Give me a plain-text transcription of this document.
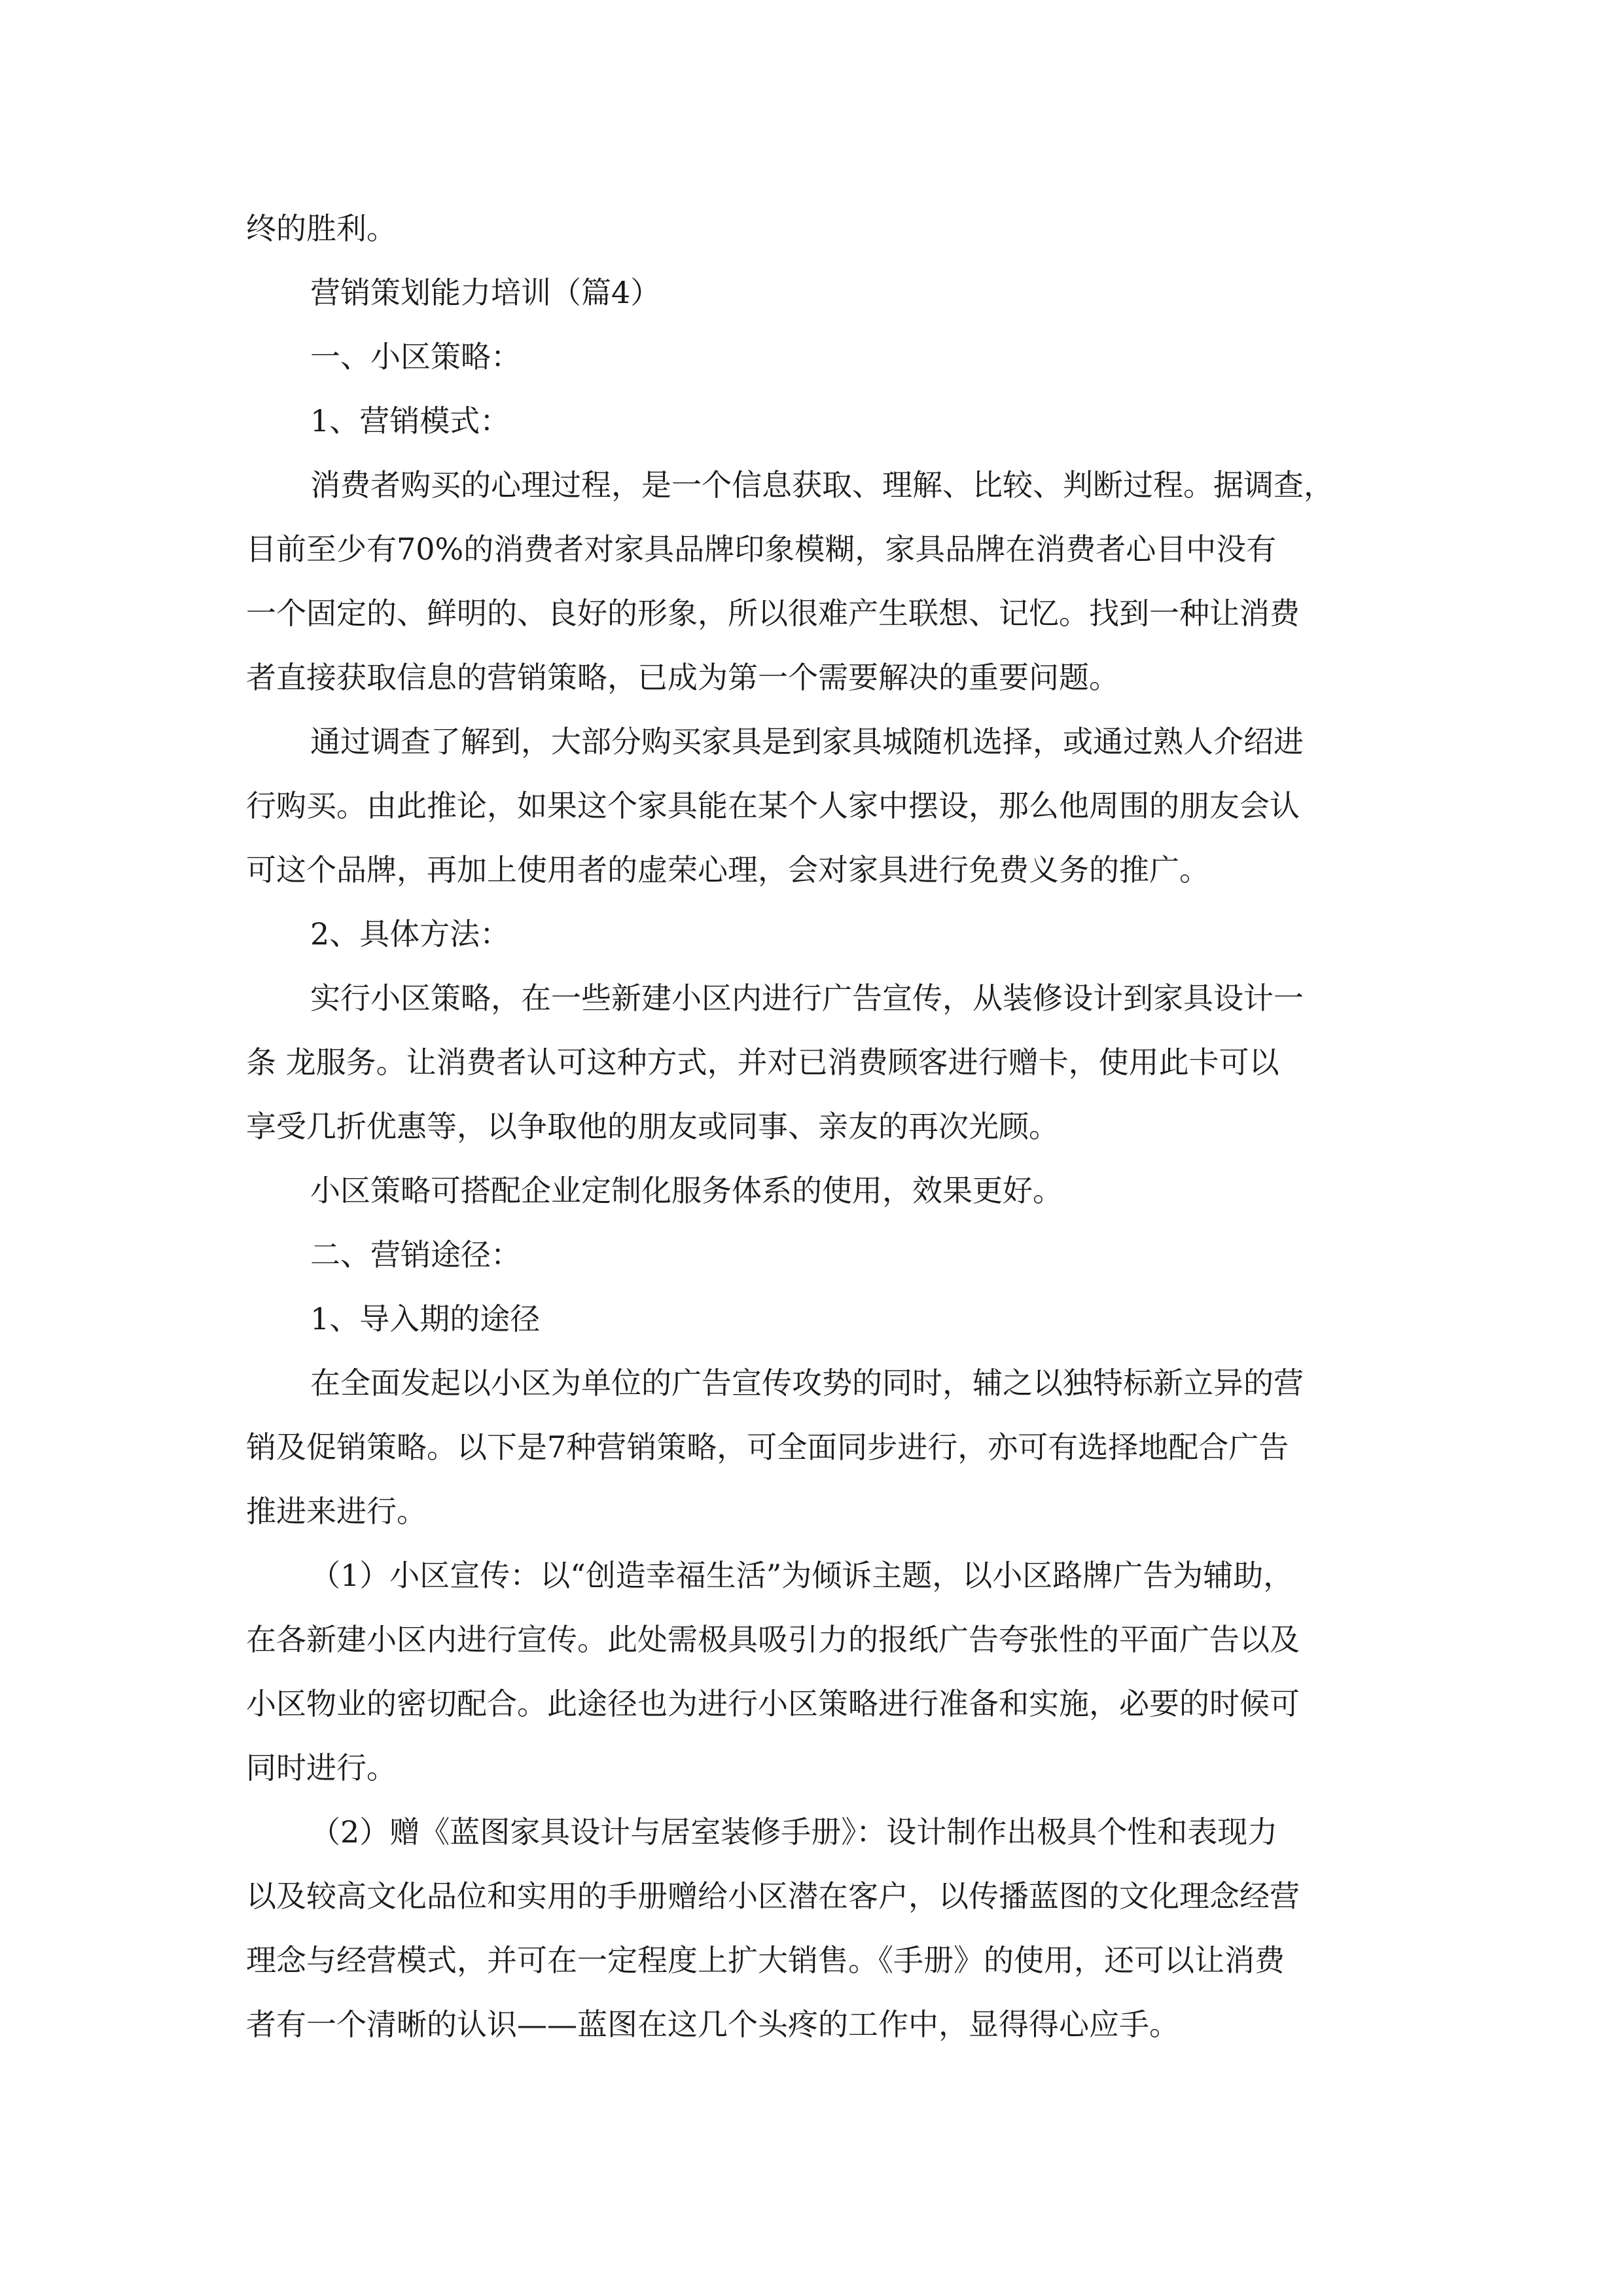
终的胜利。
营销策划能力培训（篇4）
一、小区策略：
1、营销模式：
消费者购买的心理过程，是一个信息获取、理解、比较、判断过程。据调查，
目前至少有70%的消费者对家具品牌印象模糊，家具品牌在消费者心目中没有
一个固定的、鲜明的、良好的形象，所以很难产生联想、记忆。找到一种让消费
者直接获取信息的营销策略，已成为第一个需要解决的重要问题。
通过调查了解到，大部分购买家具是到家具城随机选择，或通过熟人介绍进
行购买。由此推论，如果这个家具能在某个人家中摆设，那么他周围的朋友会认
可这个品牌，再加上使用者的虚荣心理，会对家具进行免费义务的推广。
2、具体方法：
实行小区策略，在一些新建小区内进行广告宣传，从装修设计到家具设计一
条 龙服务。让消费者认可这种方式，并对已消费顾客进行赠卡，使用此卡可以
享受几折优惠等，以争取他的朋友或同事、亲友的再次光顾。
小区策略可搭配企业定制化服务体系的使用，效果更好。
二、营销途径：
1、导入期的途径
在全面发起以小区为单位的广告宣传攻势的同时，辅之以独特标新立异的营
销及促销策略。以下是7种营销策略，可全面同步进行，亦可有选择地配合广告
推进来进行。
（1）小区宣传：以“创造幸福生活”为倾诉主题，以小区路牌广告为辅助，
在各新建小区内进行宣传。此处需极具吸引力的报纸广告夸张性的平面广告以及
小区物业的密切配合。此途径也为进行小区策略进行准备和实施，必要的时候可
同时进行。
（2）赠《蓝图家具设计与居室装修手册》：设计制作出极具个性和表现力
以及较高文化品位和实用的手册赠给小区潜在客户，以传播蓝图的文化理念经营
理念与经营模式，并可在一定程度上扩大销售。《手册》的使用，还可以让消费
者有一个清晰的认识——蓝图在这几个头疼的工作中，显得得心应手。
